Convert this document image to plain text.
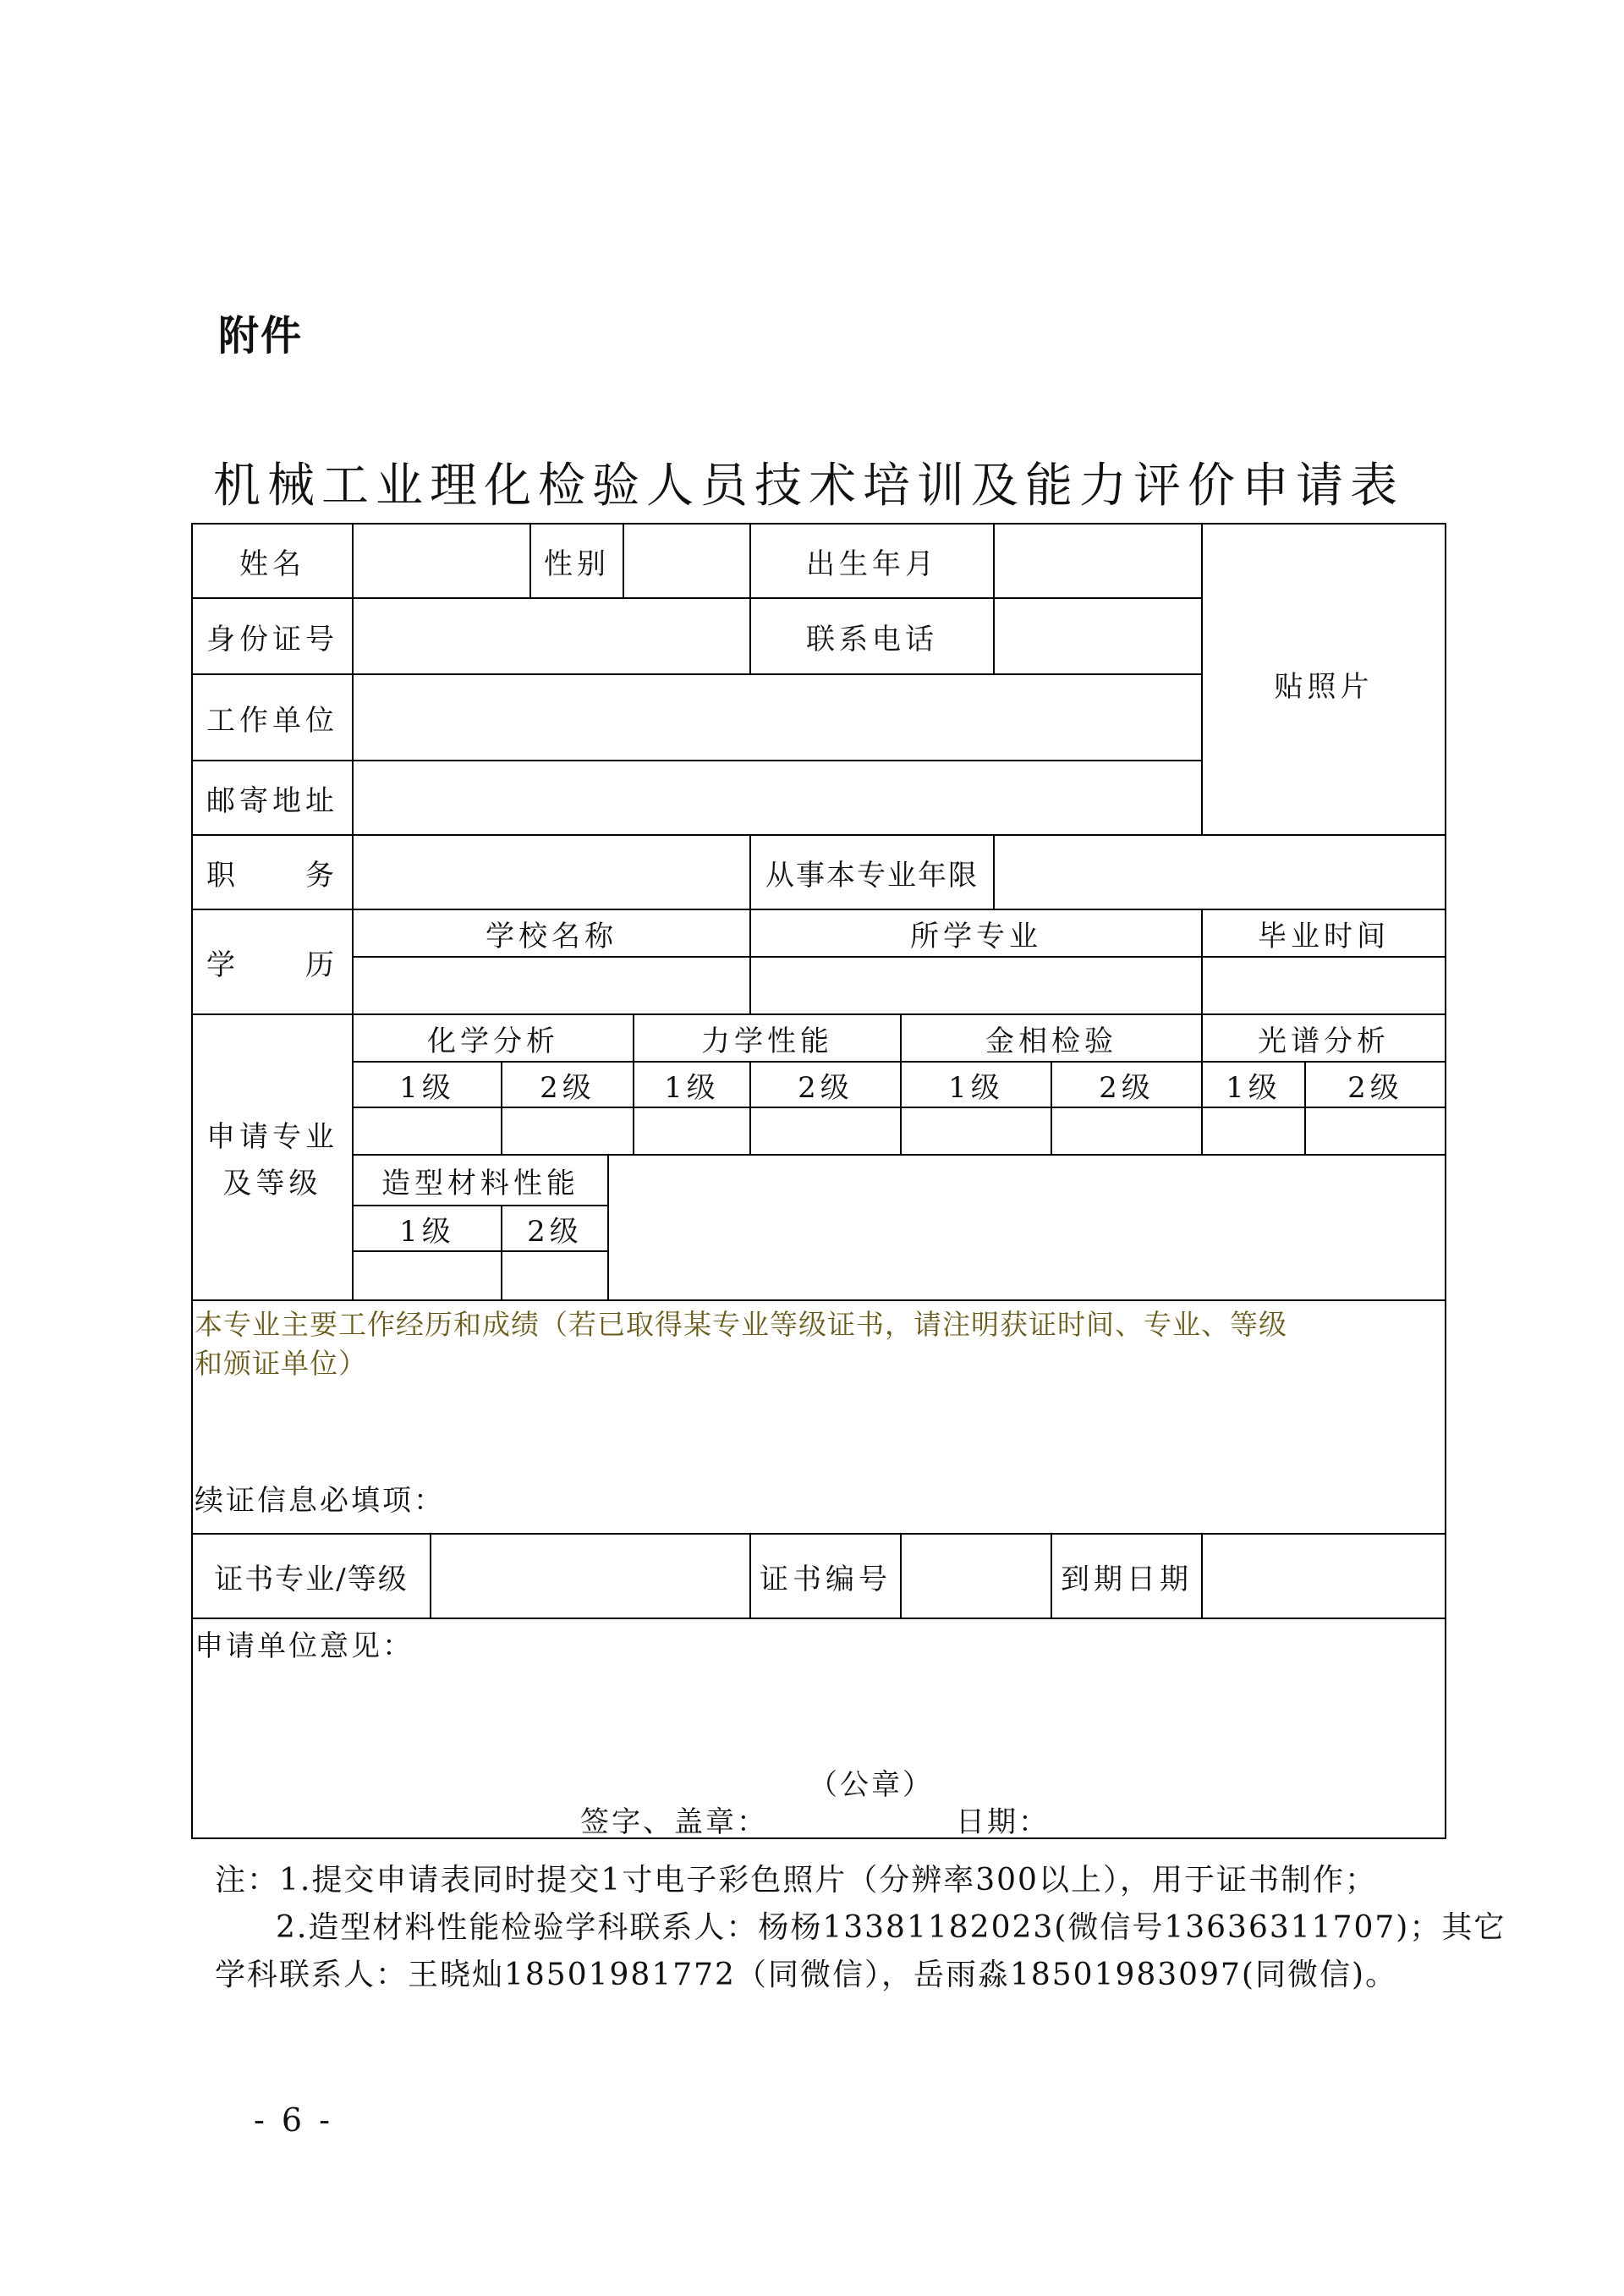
附件
机械工业理化检验人员技术培训及能力评价申请表
姓名	性别	出生年月
贴照片
身份证号	联系电话
工作单位
邮寄地址
职　　务	从事本专业年限
学　　历
学校名称	所学专业	毕业时间
申请专业
及等级
化学分析	力学性能	金相检验	光谱分析
1级	2级	1级	2级	1级	2级	1级	2级
造型材料性能
1级	2级
本专业主要工作经历和成绩（若已取得某专业等级证书，请注明获证时间、专业、等级
和颁证单位）
续证信息必填项：
证书专业/等级	证书编号	到期日期
申请单位意见：
（公章）
签字、盖章：	日期：
注：1.提交申请表同时提交1寸电子彩色照片（分辨率300以上），用于证书制作；
2.造型材料性能检验学科联系人：杨杨13381182023(微信号13636311707)；其它
学科联系人：王晓灿18501981772（同微信），岳雨淼18501983097(同微信)。
- 6 -
